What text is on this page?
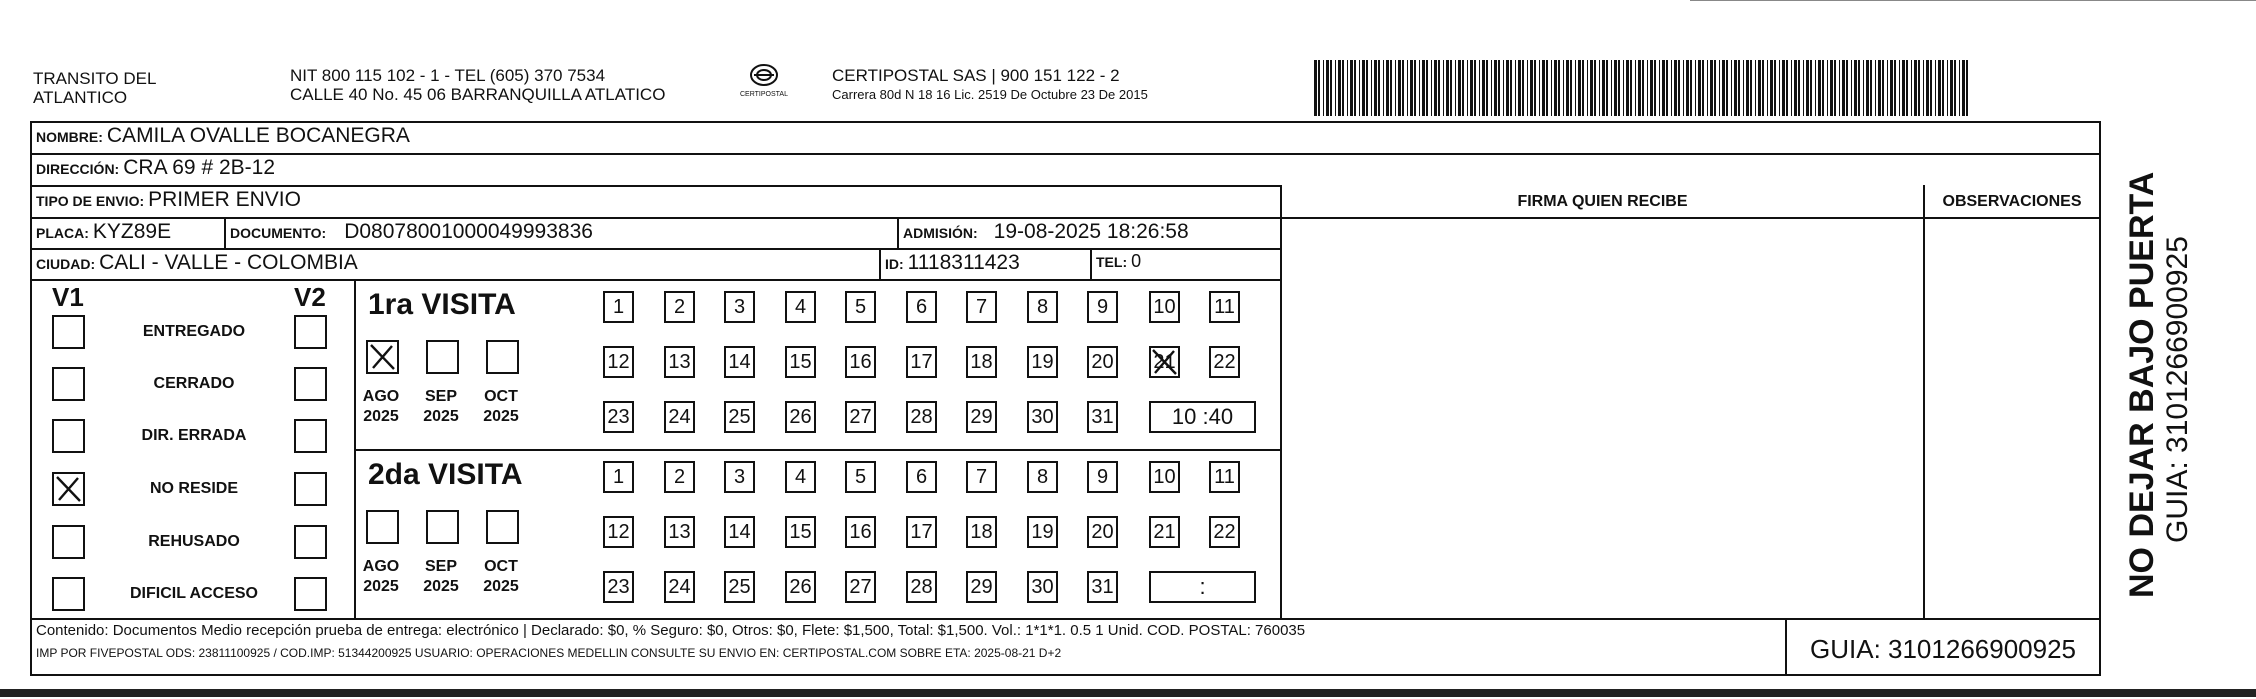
TRANSITO DEL
ATLANTICO
NIT 800 115 102 - 1 - TEL (605) 370 7534
CALLE 40 No. 45 06 BARRANQUILLA ATLATICO	CERTIPOSTAL
CERTIPOSTAL SAS | 900 151 122 - 2
Carrera 80d N 18 16 Lic. 2519 De Octubre 23 De 2015
NOMBRE: CAMILA OVALLE BOCANEGRA
DIRECCIÓN: CRA 69 # 2B-12
TIPO DE ENVIO: PRIMER ENVIO	FIRMA QUIEN RECIBE	OBSERVACIONES
PLACA: KYZ89E	DOCUMENTO: D08078001000049993836	ADMISIÓN: 19-08-2025 18:26:58
CIUDAD: CALI - VALLE - COLOMBIA	ID: 1118311423	TEL: 0
V1	V2
ENTREGADO
CERRADO
DIR. ERRADA
NO RESIDE
REHUSADO
DIFICIL ACCESO
1ra VISITA
AGO
2025
SEP
2025
OCT
2025
1	2	3	4	5	6	7	8	9	10 11
12 13 14 15 16 17 18 19 20 21 22
23 24 25 26 27 28 29 30 31	10 :40
2da VISITA
AGO
2025
SEP
2025
OCT
2025
1	2	3	4	5	6	7	8	9	10 11
12 13 14 15 16 17 18 19 20 21 22
23 24 25 26 27 28 29 30 31	:	NO DEJAR BAJO PUERTA GUIA: 3101266900925
Contenido: Documentos Medio recepción prueba de entrega: electrónico | Declarado: $0, % Seguro: $0, Otros: $0, Flete: $1,500, Total: $1,500. Vol.: 1*1*1. 0.5 1 Unid. COD. POSTAL: 760035
IMP POR FIVEPOSTAL ODS: 23811100925 / COD.IMP: 51344200925 USUARIO: OPERACIONES MEDELLIN CONSULTE SU ENVIO EN: CERTIPOSTAL.COM SOBRE ETA: 2025-08-21 D+2	GUIA: 3101266900925
